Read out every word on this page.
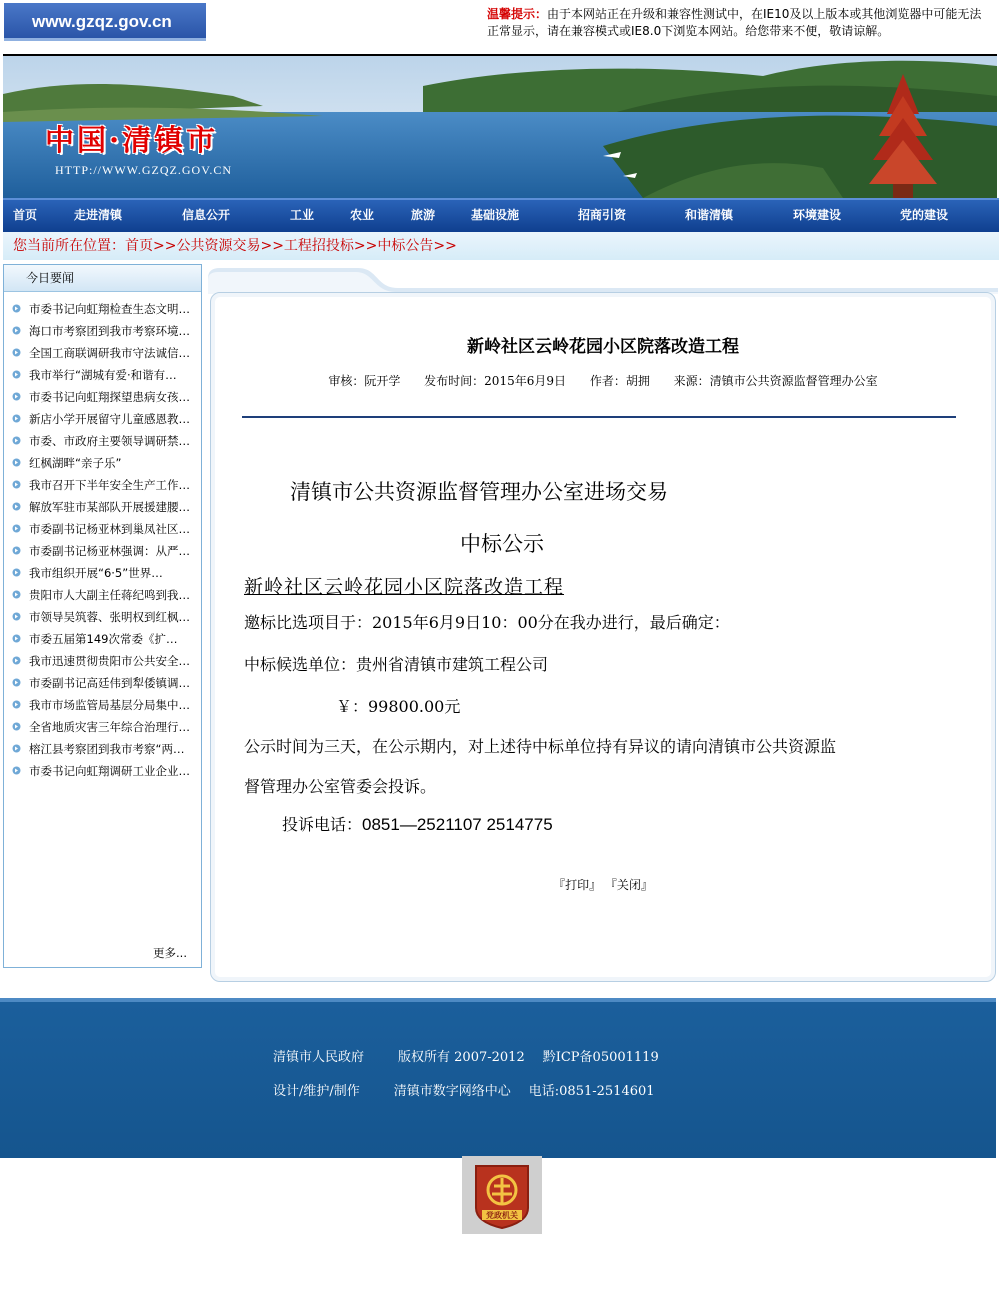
www.gzqz.gov.cn	温馨提示：由于本网站正在升级和兼容性测试中，在IE10及以上版本或其他浏览器中可能无法正常显示，请在兼容模式或IE8.0下浏览本网站。给您带来不便，敬请谅解。
中国·清镇市
HTTP://WWW.GZQZ.GOV.CN
首页	走进清镇	信息公开	工业	农业	旅游	基础设施	招商引资	和谐清镇	环境建设	党的建设
您当前所在位置：首页>>公共资源交易>>工程招投标>>中标公告>>
今日要闻
市委书记向虹翔检查生态文明…
海口市考察团到我市考察环境…
全国工商联调研我市守法诚信…
我市举行“湖城有爱·和谐有…
市委书记向虹翔探望患病女孩…
新店小学开展留守儿童感恩教…
市委、市政府主要领导调研禁…
红枫湖畔“亲子乐”
我市召开下半年安全生产工作…
解放军驻市某部队开展援建腰…
市委副书记杨亚林到巢凤社区…
市委副书记杨亚林强调：从严…
我市组织开展“6·5”世界…
贵阳市人大副主任蒋纪鸣到我…
市领导吴筑蓉、张明权到红枫…
市委五届第149次常委《扩…
我市迅速贯彻贵阳市公共安全…
市委副书记高廷伟到犁倭镇调…
我市市场监管局基层分局集中…
全省地质灾害三年综合治理行…
榕江县考察团到我市考察“两…
市委书记向虹翔调研工业企业…
更多...
新岭社区云岭花园小区院落改造工程
审核：阮开学 发布时间：2015年6月9日 作者：胡拥 来源：清镇市公共资源监督管理办公室
清镇市公共资源监督管理办公室进场交易
中标公示
新岭社区云岭花园小区院落改造工程
邀标比选项目于：2015年6月9日10：00分在我办进行，最后确定：
中标候选单位：贵州省清镇市建筑工程公司
￥：99800.00元
公示时间为三天，在公示期内，对上述待中标单位持有异议的请向清镇市公共资源监
督管理办公室管委会投诉。
投诉电话：0851—2521107 2514775
『打印』 『关闭』
清镇市人民政府	版权所有 2007-2012 黔ICP备05001119
设计/维护/制作	清镇市数字网络中心 电话:0851-2514601
党政机关
